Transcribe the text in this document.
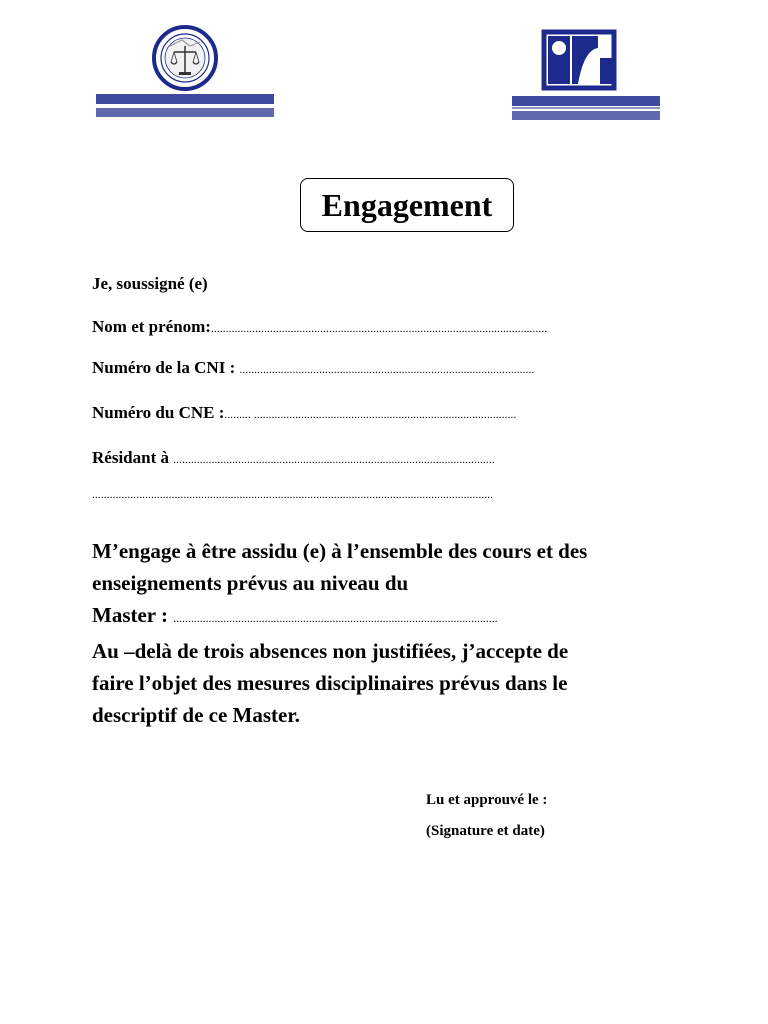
Engagement
Je, soussigné (e)
Nom et prénom:..................................................................................................................
Numéro de la CNI : ....................................................................................................
Numéro du CNE :......... .........................................................................................
Résidant à .............................................................................................................
........................................................................................................................................
M’engage à être assidu (e) à l’ensemble des cours et des
enseignements prévus au niveau du
Master : ..............................................................................................................
Au –delà de trois absences non justifiées, j’accepte de
faire l’objet des mesures disciplinaires prévus dans le
descriptif de ce Master.
Lu et approuvé le :
(Signature et date)
